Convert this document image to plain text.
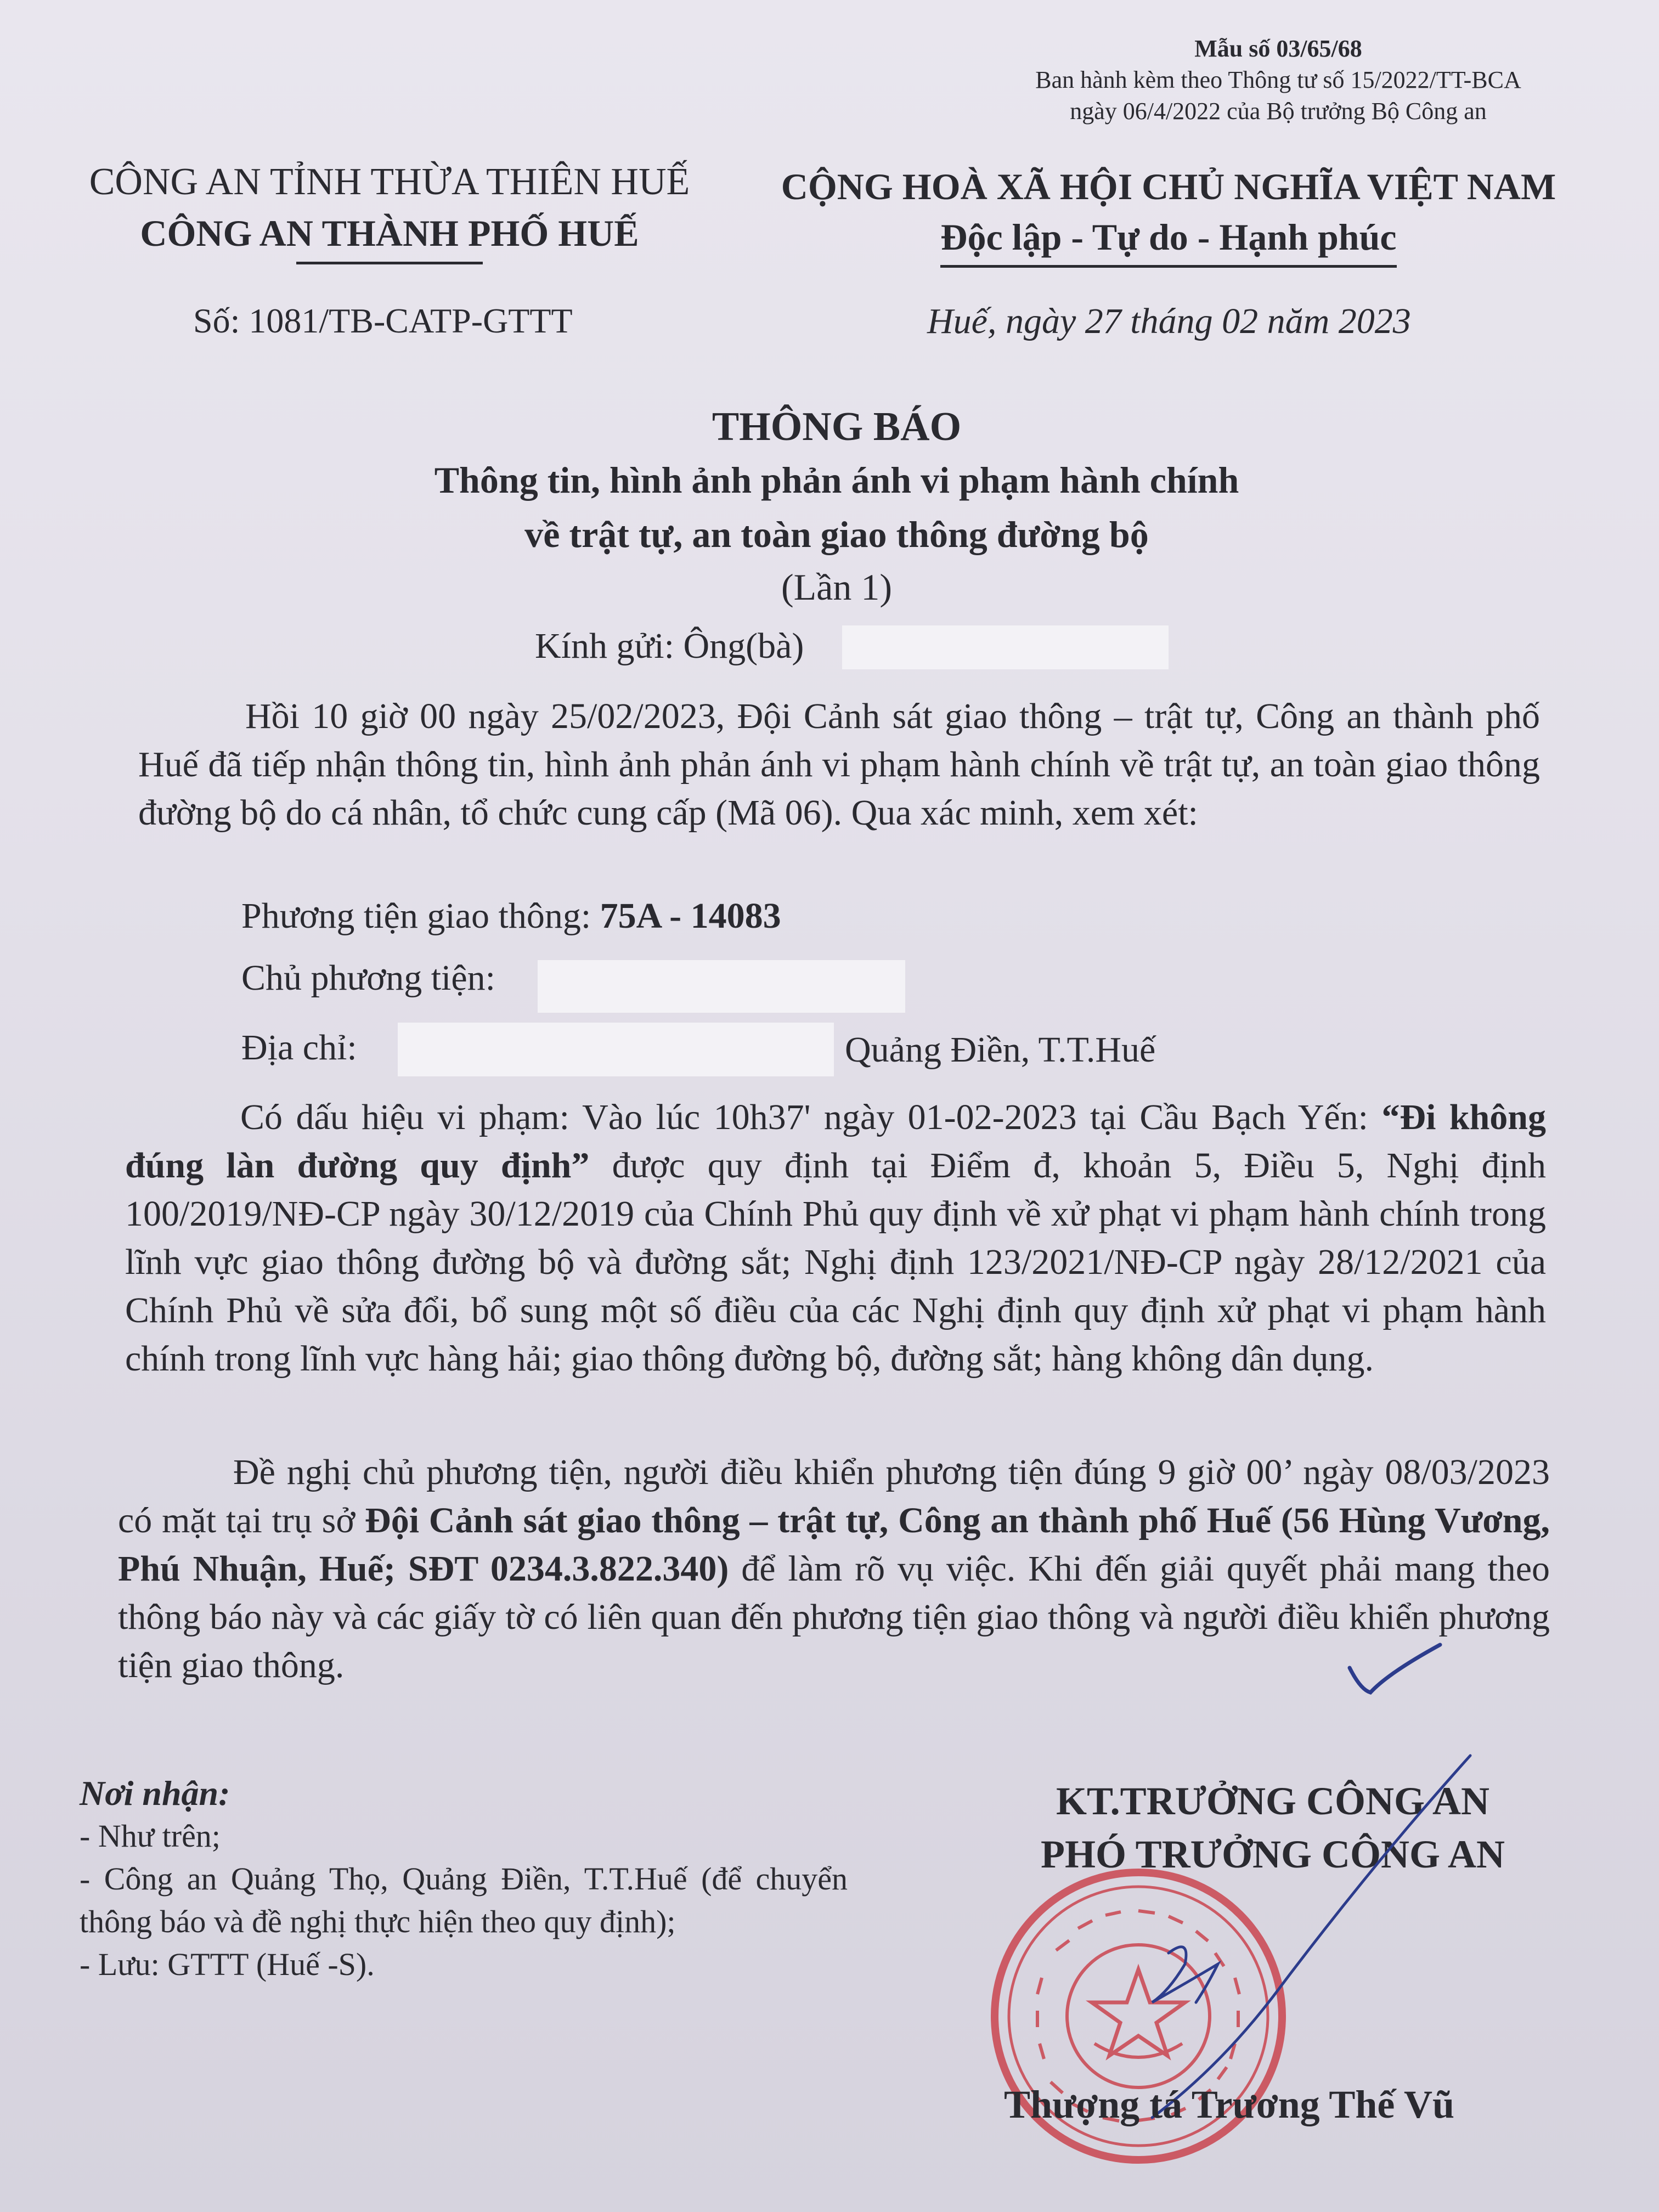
Mẫu số 03/65/68
Ban hành kèm theo Thông tư số 15/2022/TT-BCA
ngày 06/4/2022 của Bộ trưởng Bộ Công an
CÔNG AN TỈNH THỪA THIÊN HUẾ
CÔNG AN THÀNH PHỐ HUẾ
CỘNG HOÀ XÃ HỘI CHỦ NGHĨA VIỆT NAM
Độc lập - Tự do - Hạnh phúc
Số: 1081/TB-CATP-GTTT	Huế, ngày 27 tháng 02 năm 2023
THÔNG BÁO
Thông tin, hình ảnh phản ánh vi phạm hành chính
về trật tự, an toàn giao thông đường bộ
(Lần 1)
Kính gửi: Ông(bà)
Hồi 10 giờ 00 ngày 25/02/2023, Đội Cảnh sát giao thông – trật tự, Công an thành phố Huế đã tiếp nhận thông tin, hình ảnh phản ánh vi phạm hành chính về trật tự, an toàn giao thông đường bộ do cá nhân, tổ chức cung cấp (Mã 06). Qua xác minh, xem xét:
Phương tiện giao thông: 75A - 14083
Chủ phương tiện:
Địa chỉ:	Quảng Điền, T.T.Huế
Có dấu hiệu vi phạm: Vào lúc 10h37' ngày 01-02-2023 tại Cầu Bạch Yến: “Đi không đúng làn đường quy định” được quy định tại Điểm đ, khoản 5, Điều 5, Nghị định 100/2019/NĐ-CP ngày 30/12/2019 của Chính Phủ quy định về xử phạt vi phạm hành chính trong lĩnh vực giao thông đường bộ và đường sắt; Nghị định 123/2021/NĐ-CP ngày 28/12/2021 của Chính Phủ về sửa đổi, bổ sung một số điều của các Nghị định quy định xử phạt vi phạm hành chính trong lĩnh vực hàng hải; giao thông đường bộ, đường sắt; hàng không dân dụng.
Đề nghị chủ phương tiện, người điều khiển phương tiện đúng 9 giờ 00’ ngày 08/03/2023 có mặt tại trụ sở Đội Cảnh sát giao thông – trật tự, Công an thành phố Huế (56 Hùng Vương, Phú Nhuận, Huế; SĐT 0234.3.822.340) để làm rõ vụ việc. Khi đến giải quyết phải mang theo thông báo này và các giấy tờ có liên quan đến phương tiện giao thông và người điều khiển phương tiện giao thông.
Nơi nhận:
- Như trên;
- Công an Quảng Thọ, Quảng Điền, T.T.Huế (để chuyển thông báo và đề nghị thực hiện theo quy định);
- Lưu: GTTT (Huế -S).
KT.TRƯỞNG CÔNG AN
PHÓ TRƯỞNG CÔNG AN
Thượng tá Trương Thế Vũ
